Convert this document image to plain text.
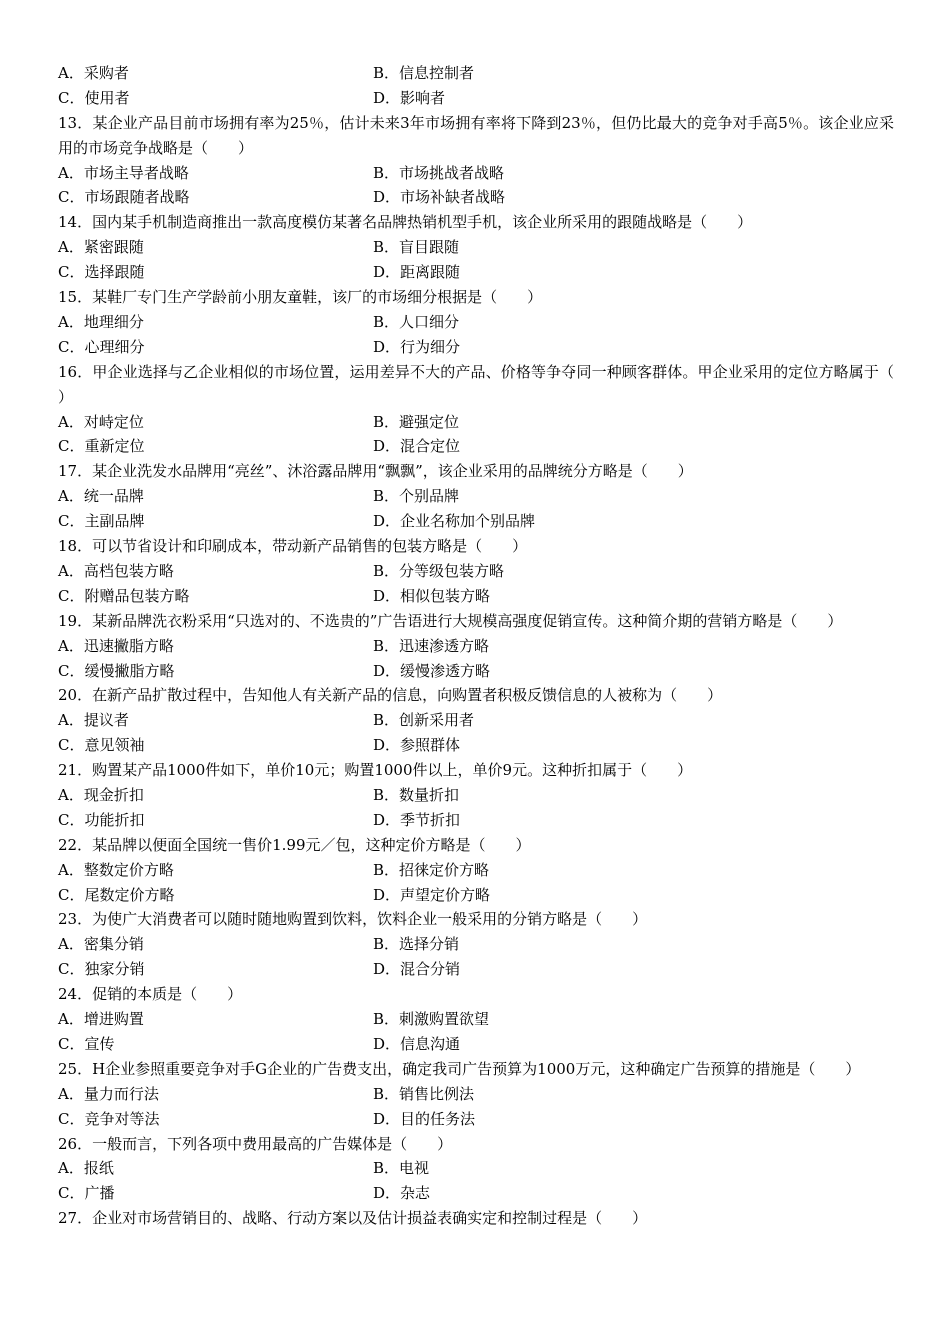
A．采购者	B．信息控制者
C．使用者	D．影响者
13．某企业产品目前市场拥有率为25％，估计未来3年市场拥有率将下降到23％，但仍比最大的竞争对手高5％。该企业应采用的市场竞争战略是（　　）
A．市场主导者战略	B．市场挑战者战略
C．市场跟随者战略	D．市场补缺者战略
14．国内某手机制造商推出一款高度模仿某著名品牌热销机型手机，该企业所采用的跟随战略是（　　）
A．紧密跟随	B．盲目跟随
C．选择跟随	D．距离跟随
15．某鞋厂专门生产学龄前小朋友童鞋，该厂的市场细分根据是（　　）
A．地理细分	B．人口细分
C．心理细分	D．行为细分
16．甲企业选择与乙企业相似的市场位置，运用差异不大的产品、价格等争夺同一种顾客群体。甲企业采用的定位方略属于（　　）
A．对峙定位	B．避强定位
C．重新定位	D．混合定位
17．某企业洗发水品牌用“亮丝”、沐浴露品牌用“飘飘”，该企业采用的品牌统分方略是（　　）
A．统一品牌	B．个别品牌
C．主副品牌	D．企业名称加个别品牌
18．可以节省设计和印刷成本，带动新产品销售的包装方略是（　　）
A．高档包装方略	B．分等级包装方略
C．附赠品包装方略	D．相似包装方略
19．某新品牌洗衣粉采用“只选对的、不选贵的”广告语进行大规模高强度促销宣传。这种简介期的营销方略是（　　）
A．迅速撇脂方略	B．迅速渗透方略
C．缓慢撇脂方略	D．缓慢渗透方略
20．在新产品扩散过程中，告知他人有关新产品的信息，向购置者积极反馈信息的人被称为（　　）
A．提议者	B．创新采用者
C．意见领袖	D．参照群体
21．购置某产品1000件如下，单价10元；购置1000件以上，单价9元。这种折扣属于（　　）
A．现金折扣	B．数量折扣
C．功能折扣	D．季节折扣
22．某品牌以便面全国统一售价1.99元／包，这种定价方略是（　　）
A．整数定价方略	B．招徕定价方略
C．尾数定价方略	D．声望定价方略
23．为使广大消费者可以随时随地购置到饮料，饮料企业一般采用的分销方略是（　　）
A．密集分销	B．选择分销
C．独家分销	D．混合分销
24．促销的本质是（　　）
A．增进购置	B．刺激购置欲望
C．宣传	D．信息沟通
25．H企业参照重要竞争对手G企业的广告费支出，确定我司广告预算为1000万元，这种确定广告预算的措施是（　　）
A．量力而行法	B．销售比例法
C．竞争对等法	D．目的任务法
26．一般而言，下列各项中费用最高的广告媒体是（　　）
A．报纸	B．电视
C．广播	D．杂志
27．企业对市场营销目的、战略、行动方案以及估计损益表确实定和控制过程是（　　）
